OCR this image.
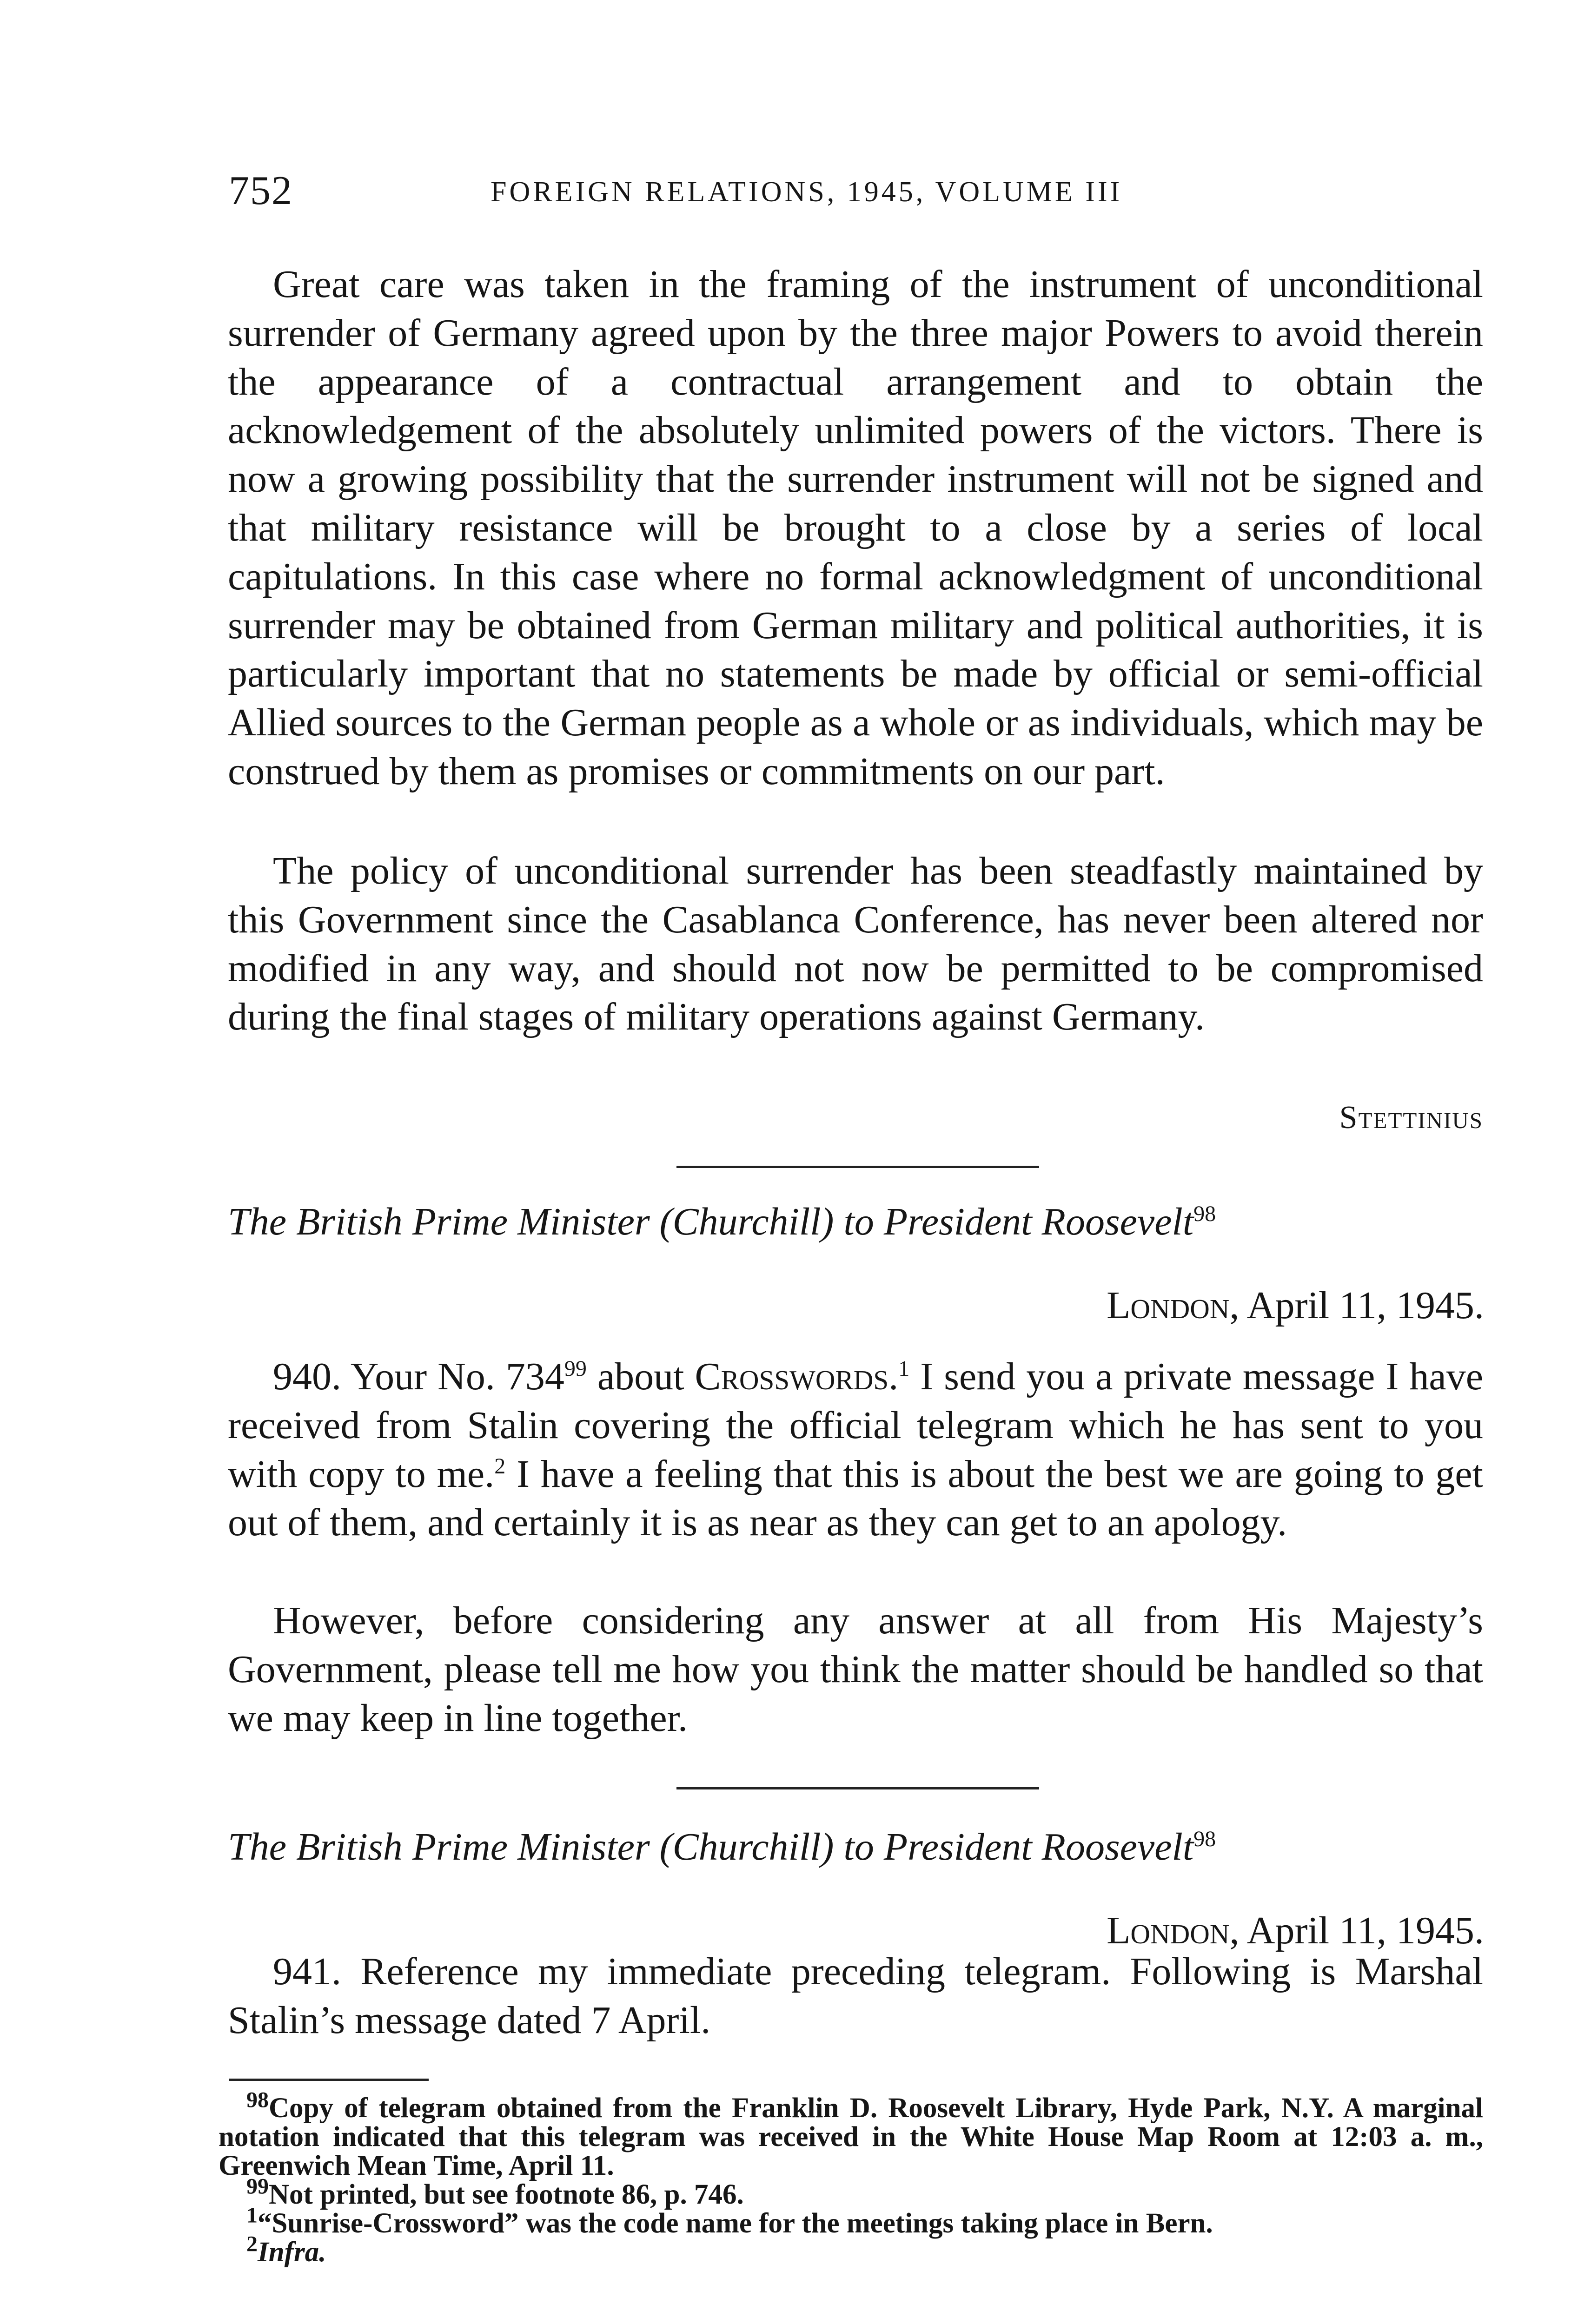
752	FOREIGN RELATIONS, 1945, VOLUME III

Great care was taken in the framing of the instrument of unconditional surrender of Germany agreed upon by the three major Powers to avoid therein the appearance of a contractual arrangement and to obtain the acknowledgement of the absolutely unlimited powers of the victors. There is now a growing possibility that the surrender instrument will not be signed and that military resistance will be brought to a close by a series of local capitulations. In this case where no formal acknowledgment of unconditional surrender may be obtained from German military and political authorities, it is particularly important that no statements be made by official or semi-official Allied sources to the German people as a whole or as individuals, which may be construed by them as promises or commitments on our part.

The policy of unconditional surrender has been steadfastly maintained by this Government since the Casablanca Conference, has never been altered nor modified in any way, and should not now be permitted to be compromised during the final stages of military operations against Germany.

Stettinius
The British Prime Minister (Churchill) to President Roosevelt$^{98}$
London, April 11, 1945.

940. Your No. 734$^{99}$ about Crosswords.$^1$ I send you a private message I have received from Stalin covering the official telegram which he has sent to you with copy to me.$^2$ I have a feeling that this is about the best we are going to get out of them, and certainly it is as near as they can get to an apology.

However, before considering any answer at all from His Majesty’s Government, please tell me how you think the matter should be handled so that we may keep in line together.

The British Prime Minister (Churchill) to President Roosevelt$^{98}$
London, April 11, 1945.

941. Reference my immediate preceding telegram. Following is Marshal Stalin’s message dated 7 April.

$^{98}$Copy of telegram obtained from the Franklin D. Roosevelt Library, Hyde Park, N.Y. A marginal notation indicated that this telegram was received in the White House Map Room at 12:03 a. m., Greenwich Mean Time, April 11.

$^{99}$Not printed, but see footnote 86, p. 746.

$^1$“Sunrise-Crossword” was the code name for the meetings taking place in Bern.

$^2$Infra.
